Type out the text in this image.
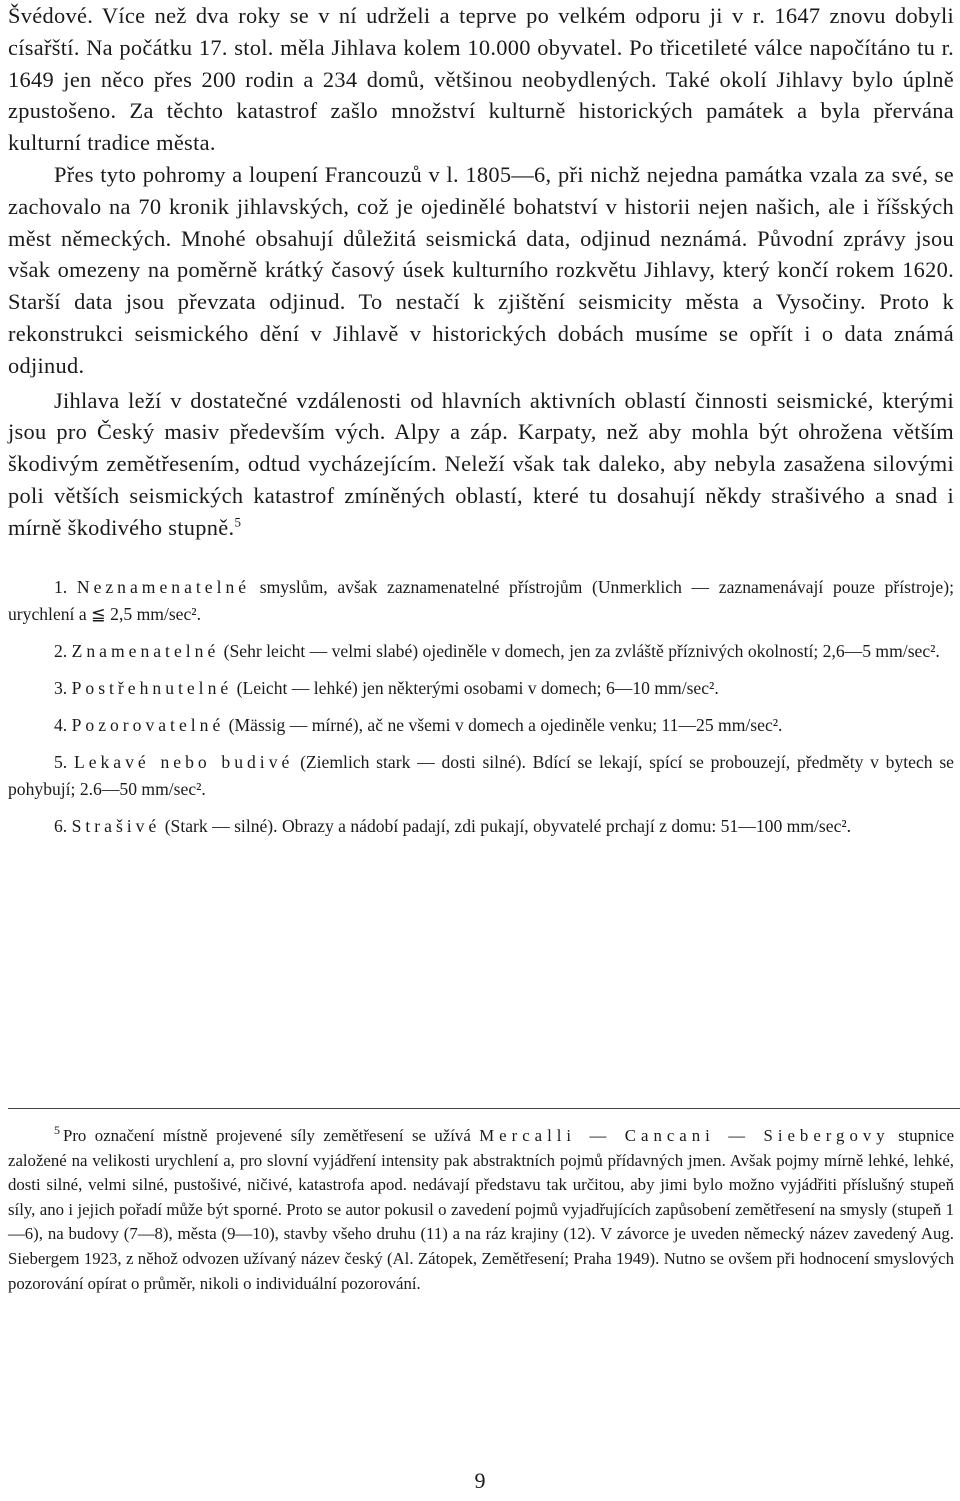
Švédové. Více než dva roky se v ní udrželi a teprve po velkém odporu ji v r. 1647 znovu dobyli císařští. Na počátku 17. stol. měla Jihlava kolem 10.000 obyvatel. Po třicetileté válce napočítáno tu r. 1649 jen něco přes 200 rodin a 234 domů, většinou neobydlených. Také okolí Jihlavy bylo úplně zpustošeno. Za těchto katastrof zašlo množství kulturně historických památek a byla přervána kulturní tradice města.

Přes tyto pohromy a loupení Francouzů v l. 1805—6, při nichž nejedna památka vzala za své, se zachovalo na 70 kronik jihlavských, což je ojedinělé bohatství v historii nejen našich, ale i říšských měst německých. Mnohé obsahují důležitá seismická data, odjinud neznámá. Původní zprávy jsou však omezeny na poměrně krátký časový úsek kulturního rozkvětu Jihlavy, který končí rokem 1620. Starší data jsou převzata odjinud. To nestačí k zjištění seismicity města a Vysočiny. Proto k rekonstrukci seismického dění v Jihlavě v historických dobách musíme se opřít i o data známá odjinud.

Jihlava leží v dostatečné vzdálenosti od hlavních aktivních oblastí činnosti seismické, kterými jsou pro Český masiv především vých. Alpy a záp. Karpaty, než aby mohla být ohrožena větším škodivým zemětřesením, odtud vycházejícím. Neleží však tak daleko, aby nebyla zasažena silovými poli větších seismických katastrof zmíněných oblastí, které tu dosahují někdy strašivého a snad i mírně škodivého stupně.$^5$

1. Neznamenatelné smyslům, avšak zaznamenatelné přístrojům (Unmerklich — zaznamenávají pouze přístroje); urychlení a ≦ 2,5 mm/sec².

2. Znamenatelné (Sehr leicht — velmi slabé) ojediněle v domech, jen za zvláště příznivých okolností; 2,6—5 mm/sec².

3. Postřehnutelné (Leicht — lehké) jen některými osobami v domech; 6—10 mm/sec².

4. Pozorovatelné (Mässig — mírné), ač ne všemi v domech a ojediněle venku; 11—25 mm/sec².

5. Lekavé nebo budivé (Ziemlich stark — dosti silné). Bdící se lekají, spící se probouzejí, předměty v bytech se pohybují; 2.6—50 mm/sec².

6. Strašivé (Stark — silné). Obrazy a nádobí padají, zdi pukají, obyvatelé prchají z domu: 51—100 mm/sec².

$^5$ Pro označení místně projevené síly zemětřesení se užívá Mercalli — Cancani — Siebergovy stupnice založené na velikosti urychlení a, pro slovní vyjádření intensity pak abstraktních pojmů přídavných jmen. Avšak pojmy mírně lehké, lehké, dosti silné, velmi silné, pustošivé, ničivé, katastrofa apod. nedávají představu tak určitou, aby jimi bylo možno vyjádřiti příslušný stupeň síly, ano i jejich pořadí může být sporné. Proto se autor pokusil o zavedení pojmů vyjadřujících zapůsobení zemětřesení na smysly (stupeň 1—6), na budovy (7—8), města (9—10), stavby všeho druhu (11) a na ráz krajiny (12). V závorce je uveden německý název zavedený Aug. Siebergem 1923, z něhož odvozen užívaný název český (Al. Zátopek, Zemětřesení; Praha 1949). Nutno se ovšem při hodnocení smyslových pozorování opírat o průměr, nikoli o individuální pozorování.

9
